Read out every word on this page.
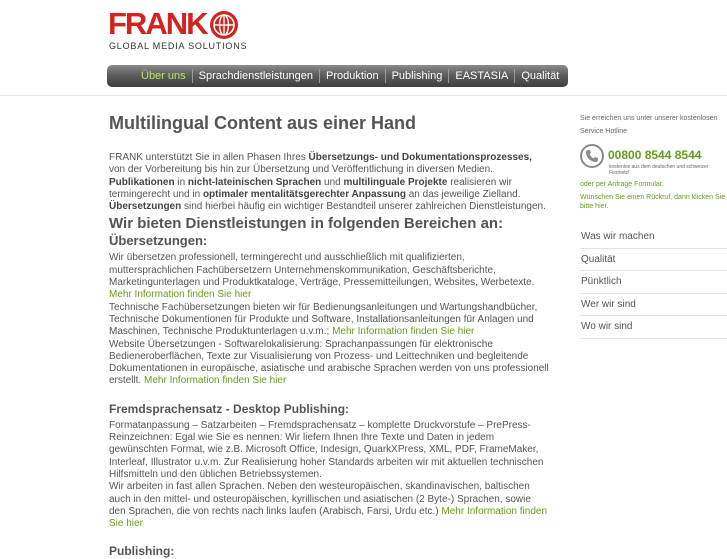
FRANK
GLOBAL MEDIA SOLUTIONS
Über uns	Sprachdienstleistungen	Produktion	Publishing	EASTASIA	Qualität
Multilingual Content aus einer Hand

FRANK unterstützt Sie in allen Phasen Ihres Übersetzungs- und Dokumentationsprozesses, von der Vorbereitung bis hin zur Übersetzung und Veröffentlichung in diversen Medien. Publikationen in nicht-lateinischen Sprachen und multilinguale Projekte realisieren wir termingerecht und in optimaler mentalitätsgerechter Anpassung an das jeweilige Zielland. Übersetzungen sind hierbei häufig ein wichtiger Bestandteil unserer zahlreichen Dienstleistungen.

Wir bieten Dienstleistungen in folgenden Bereichen an:
Übersetzungen:

Wir übersetzen professionell, termingerecht und ausschließlich mit qualifizierten, muttersprachlichen Fachübersetzern Unternehmenskommunikation, Geschäftsberichte, Marketingunterlagen und Produktkataloge, Verträge, Pressemitteilungen, Websites, Werbetexte. Mehr Information finden Sie hier

Technische Fachübersetzungen bieten wir für Bedienungsanleitungen und Wartungshandbücher, Technische Dokumentionen für Produkte und Software, Installationsanleitungen für Anlagen und Maschinen, Technische Produktunterlagen u.v.m.; Mehr Information finden Sie hier

Website Übersetzungen - Softwarelokalisierung: Sprachanpassungen für elektronische Bedieneroberflächen, Texte zur Visualisierung von Prozess- und Leittechniken und begleitende Dokumentationen in europäische, asiatische und arabische Sprachen werden von uns professionell erstellt. Mehr Information finden Sie hier

Fremdsprachensatz - Desktop Publishing:

Formatanpassung – Satzarbeiten – Fremdsprachensatz – komplette Druckvorstufe – PrePress-Reinzeichnen: Egal wie Sie es nennen: Wir liefern Ihnen Ihre Texte und Daten in jedem gewünschten Format, wie z.B. Microsoft Office, Indesign, QuarkXPress, XML, PDF, FrameMaker, Interleaf, Illustrator u.v.m. Zur Realisierung hoher Standards arbeiten wir mit aktuellen technischen Hilfsmitteln und den üblichen Betriebssystemen.

Wir arbeiten in fast allen Sprachen. Neben den westeuropäischen, skandinavischen, baltischen auch in den mittel- und osteuropäischen, kyrillischen und asiatischen (2 Byte-) Sprachen, sowie den Sprachen, die von rechts nach links laufen (Arabisch, Farsi, Urdu etc.) Mehr Information finden Sie hier

Publishing:
Sie erreichen uns unter unserer kostenlosen Service Hotline
00800 8544 8544
kostenlos aus dem deutschen und schweizer Festnetz!
oder per Anfrage Formular.
Wünschen Sie einen Rückruf, dann klicken Sie bitte hier.
Was wir machen
Qualität
Pünktlich
Wer wir sind
Wo wir sind
